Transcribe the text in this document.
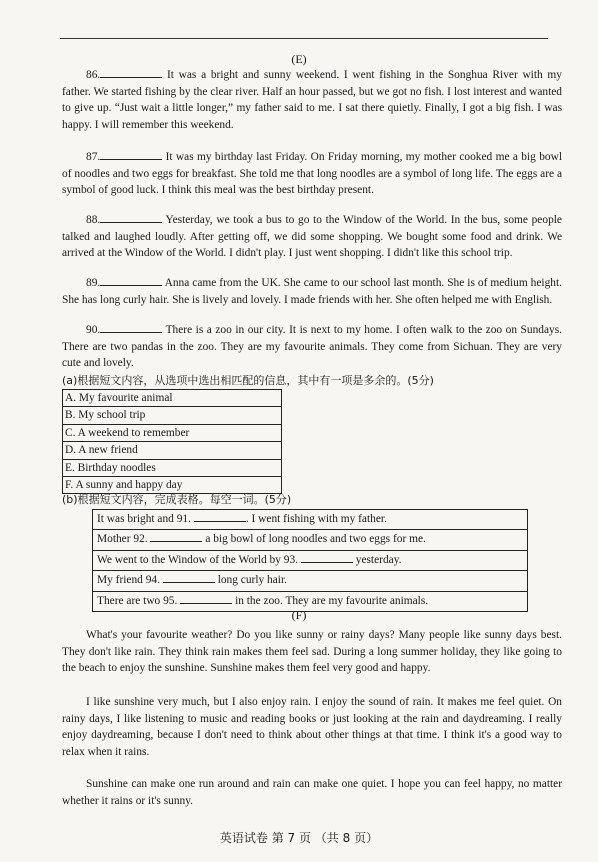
(E)
86.	It was a bright and sunny weekend. I went fishing in the Songhua River with my father. We started fishing by the clear river. Half an hour passed, but we got no fish. I lost interest and wanted to give up. “Just wait a little longer,” my father said to me. I sat there quietly. Finally, I got a big fish. I was happy. I will remember this weekend.
87.	It was my birthday last Friday. On Friday morning, my mother cooked me a big bowl of noodles and two eggs for breakfast. She told me that long noodles are a symbol of long life. The eggs are a symbol of good luck. I think this meal was the best birthday present.
88.	Yesterday, we took a bus to go to the Window of the World. In the bus, some people talked and laughed loudly. After getting off, we did some shopping. We bought some food and drink. We arrived at the Window of the World. I didn't play. I just went shopping. I didn't like this school trip.
89.	Anna came from the UK. She came to our school last month. She is of medium height. She has long curly hair. She is lively and lovely. I made friends with her. She often helped me with English.
90.	There is a zoo in our city. It is next to my home. I often walk to the zoo on Sundays. There are two pandas in the zoo. They are my favourite animals. They come from Sichuan. They are very cute and lovely.
(a)根据短文内容，从选项中选出相匹配的信息，其中有一项是多余的。(5分)
A. My favourite animal
B. My school trip
C. A weekend to remember
D. A new friend
E. Birthday noodles
F. A sunny and happy day
(b)根据短文内容，完成表格。每空一词。(5分)
It was bright and 91.	. I went fishing with my father.
Mother 92.	a big bowl of long noodles and two eggs for me.
We went to the Window of the World by 93.	yesterday.
My friend 94.	long curly hair.
There are two 95.	in the zoo. They are my favourite animals.
(F)
What's your favourite weather? Do you like sunny or rainy days? Many people like sunny days best. They don't like rain. They think rain makes them feel sad. During a long summer holiday, they like going to the beach to enjoy the sunshine. Sunshine makes them feel very good and happy.
I like sunshine very much, but I also enjoy rain. I enjoy the sound of rain. It makes me feel quiet. On rainy days, I like listening to music and reading books or just looking at the rain and daydreaming. I really enjoy daydreaming, because I don't need to think about other things at that time. I think it's a good way to relax when it rains.
Sunshine can make one run around and rain can make one quiet. I hope you can feel happy, no matter whether it rains or it's sunny.
英语试卷 第 7 页 （共 8 页）
